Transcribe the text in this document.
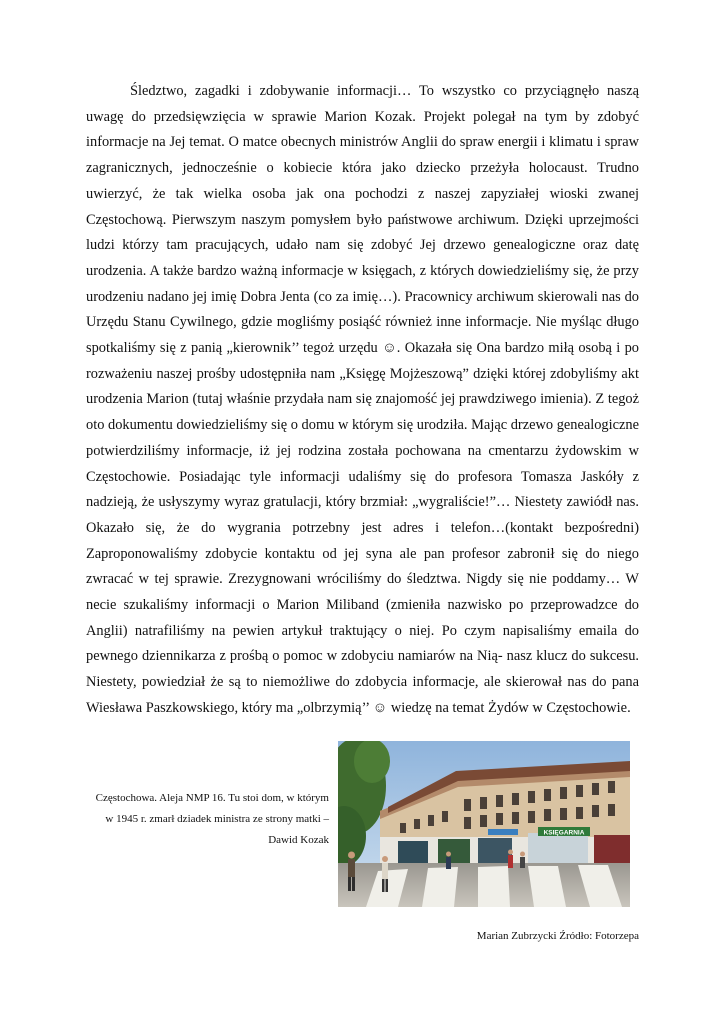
Śledztwo, zagadki i zdobywanie informacji… To wszystko co przyciągnęło naszą uwagę do przedsięwzięcia w sprawie Marion Kozak. Projekt polegał na tym by zdobyć informacje na Jej temat. O matce obecnych ministrów Anglii do spraw energii i klimatu i spraw zagranicznych, jednocześnie o kobiecie która jako dziecko przeżyła holocaust. Trudno uwierzyć, że tak wielka osoba jak ona pochodzi z naszej zapyziałej wioski zwanej Częstochową. Pierwszym naszym pomysłem było państwowe archiwum. Dzięki uprzejmości ludzi którzy tam pracujących, udało nam się zdobyć Jej drzewo genealogiczne oraz datę urodzenia. A także bardzo ważną informacje w księgach, z których dowiedzieliśmy się, że przy urodzeniu nadano jej imię Dobra Jenta (co za imię…). Pracownicy archiwum skierowali nas do Urzędu Stanu Cywilnego, gdzie mogliśmy posiąść również inne informacje. Nie myśląc długo spotkaliśmy się z panią „kierownik’’ tegoż urzędu ☺. Okazała się Ona bardzo miłą osobą i po rozważeniu naszej prośby udostępniła nam „Księgę Mojżeszową” dzięki której zdobyliśmy akt urodzenia Marion (tutaj właśnie przydała nam się znajomość jej prawdziwego imienia). Z tegoż oto dokumentu dowiedzieliśmy się o domu w którym się urodziła. Mając drzewo genealogiczne potwierdziliśmy informacje, iż jej rodzina została pochowana na cmentarzu żydowskim w Częstochowie. Posiadając tyle informacji udaliśmy się do profesora Tomasza Jaskóły z nadzieją, że usłyszymy wyraz gratulacji, który brzmiał: „wygraliście!”… Niestety zawiódł nas. Okazało się, że do wygrania potrzebny jest adres i telefon…(kontakt bezpośredni) Zaproponowaliśmy zdobycie kontaktu od jej syna ale pan profesor zabronił się do niego zwracać w tej sprawie. Zrezygnowani wróciliśmy do śledztwa. Nigdy się nie poddamy… W necie szukaliśmy informacji o Marion Miliband (zmieniła nazwisko po przeprowadzce do Anglii) natrafiliśmy na pewien artykuł traktujący o niej. Po czym napisaliśmy emaila do pewnego dziennikarza z prośbą o pomoc w zdobyciu namiarów na Nią- nasz klucz do sukcesu. Niestety, powiedział że są to niemożliwe do zdobycia informacje, ale skierował nas do pana Wiesława Paszkowskiego, który ma „olbrzymią’’ ☺ wiedzę na temat Żydów w Częstochowie.

Częstochowa. Aleja NMP 16. Tu stoi dom, w którym w 1945 r. zmarł dziadek ministra ze strony matki – Dawid Kozak

KSIĘGARNIA

Marian Zubrzycki Źródło: Fotorzepa
